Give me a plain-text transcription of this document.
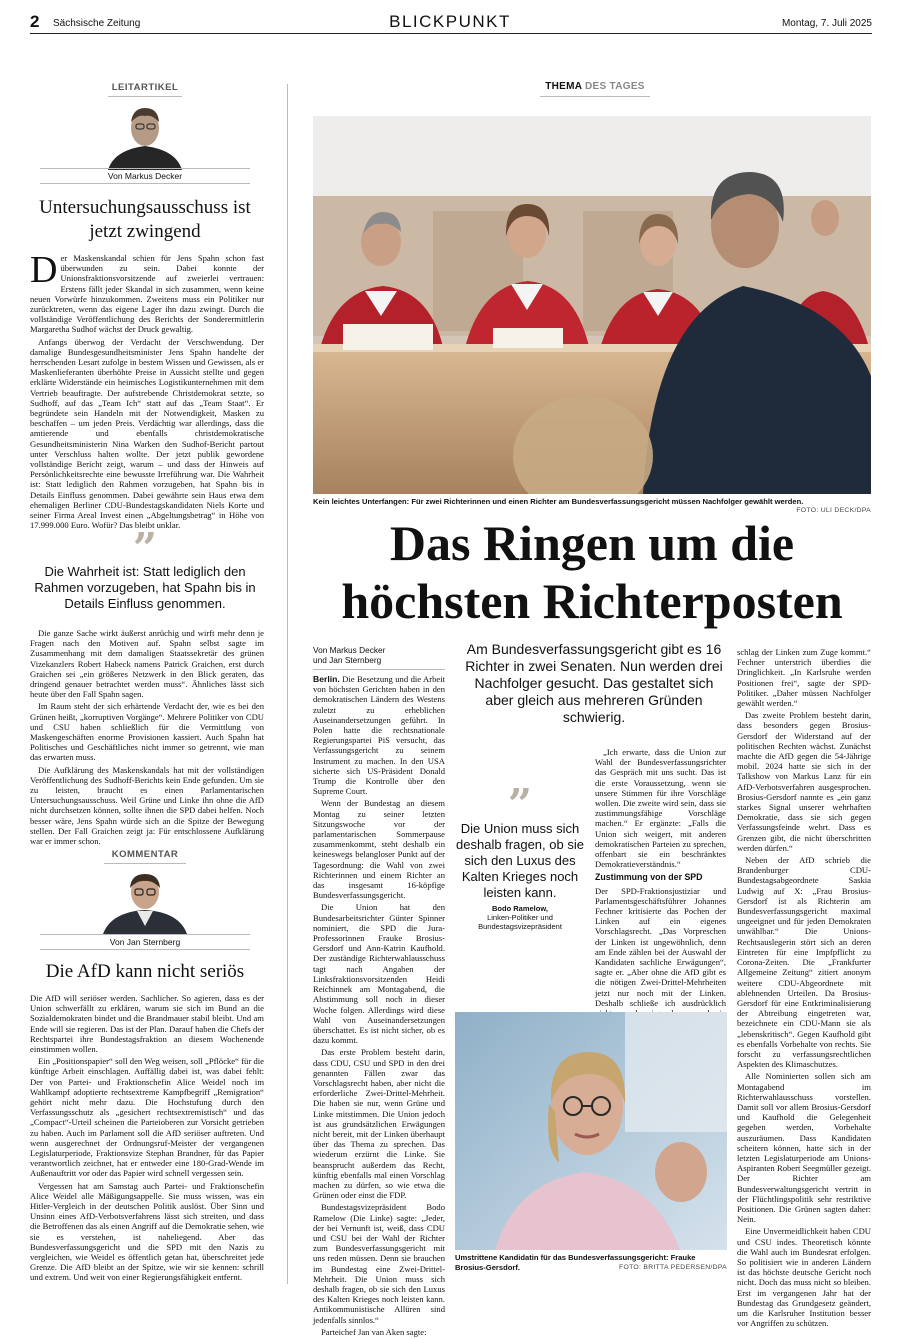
2 Sächsische Zeitung	BLICKPUNKT	Montag, 7. Juli 2025
LEITARTIKEL
Von Markus Decker
Untersuchungsausschuss ist jetzt zwingend
D er Maskenskandal schien für Jens Spahn schon fast überwunden zu sein. Dabei konnte der Unionsfraktionsvorsitzende auf zweierlei vertrauen: Erstens fällt jeder Skandal in sich zusammen, wenn keine neuen Vorwürfe hinzukommen. Zweitens muss ein Politiker nur zurücktreten, wenn das eigene Lager ihn dazu zwingt. Durch die vollständige Veröffentlichung des Berichts der Sonderermittlerin Margaretha Sudhof wächst der Druck gewaltig.

Anfangs überwog der Verdacht der Verschwendung. Der damalige Bundesgesundheitsminister Jens Spahn handelte der herrschenden Lesart zufolge in bestem Wissen und Gewissen, als er Maskenlieferanten überhöhte Preise in Aussicht stellte und gegen erklärte Widerstände ein heimisches Logistikunternehmen mit dem Vertrieb beauftragte. Der aufstrebende Christdemokrat setzte, so Sudhoff, auf das „Team Ich“ statt auf das „Team Staat“. Er begründete sein Handeln mit der Notwendigkeit, Masken zu beschaffen – um jeden Preis. Verdächtig war allerdings, dass die amtierende und ebenfalls christdemokratische Gesundheitsministerin Nina Warken den Sudhof-Bericht partout unter Verschluss halten wollte. Der jetzt publik gewordene vollständige Bericht zeigt, warum – und dass der Hinweis auf Persönlichkeitsrechte eine bewusste Irreführung war. Die Wahrheit ist: Statt lediglich den Rahmen vorzugeben, hat Spahn bis in Details Einfluss genommen. Dabei gewährte sein Haus etwa dem ehemaligen Berliner CDU-Bundestagskandidaten Niels Korte und seiner Firma Areal Invest einen „Abgeltungsbetrag“ in Höhe von 17.999.000 Euro. Wofür? Das bleibt unklar.

”
Die Wahrheit ist: Statt lediglich den Rahmen vorzugeben, hat Spahn bis in Details Einfluss genommen.

Die ganze Sache wirkt äußerst anrüchig und wirft mehr denn je Fragen nach den Motiven auf. Spahn selbst sagte im Zusammenhang mit dem damaligen Staatssekretär des grünen Vizekanzlers Robert Habeck namens Patrick Graichen, erst durch Graichen sei „ein größeres Netzwerk in den Blick geraten, das dringend genauer betrachtet werden muss“. Ähnliches lässt sich heute über den Fall Spahn sagen.

Im Raum steht der sich erhärtende Verdacht der, wie es bei den Grünen heißt, „korruptiven Vorgänge“. Mehrere Politiker von CDU und CSU haben schließlich für die Vermittlung von Maskengeschäften enorme Provisionen kassiert. Auch Spahn hat Politisches und Geschäftliches nicht immer so getrennt, wie man das erwarten muss.

Die Aufklärung des Maskenskandals hat mit der vollständigen Veröffentlichung des Sudhoff-Berichts kein Ende gefunden. Um sie zu leisten, braucht es einen Parlamentarischen Untersuchungsausschuss. Weil Grüne und Linke ihn ohne die AfD nicht durchsetzen können, sollte ihnen die SPD dabei helfen. Noch besser wäre, Jens Spahn würde sich an die Spitze der Bewegung stellen. Der Fall Graichen zeigt ja: Für entschlossene Aufklärung war er immer schon.

KOMMENTAR
Von Jan Sternberg
Die AfD kann nicht seriös

Die AfD will seriöser werden. Sachlicher. So agieren, dass es der Union schwerfällt zu erklären, warum sie sich im Bund an die Sozialdemokraten bindet und die Brandmauer stabil bleibt. Und am Ende will sie regieren. Das ist der Plan. Darauf haben die Chefs der Rechtspartei ihre Bundestagsfraktion an diesem Wochenende einstimmen wollen.

Ein „Positionspapier“ soll den Weg weisen, soll „Pflöcke“ für die künftige Arbeit einschlagen. Auffällig dabei ist, was dabei fehlt: Der von Partei- und Fraktionschefin Alice Weidel noch im Wahlkampf adoptierte rechtsextreme Kampfbegriff „Remigration“ gehört nicht mehr dazu. Die Hochstufung durch den Verfassungsschutz als „gesichert rechtsextremistisch“ und das „Compact“-Urteil scheinen die Parteioberen zur Vorsicht getrieben zu haben. Auch im Parlament soll die AfD seriöser auftreten. Und wenn ausgerechnet der Ordnungsruf-Meister der vergangenen Legislaturperiode, Fraktionsvize Stephan Brandner, für das Papier verantwortlich zeichnet, hat er entweder eine 180-Grad-Wende im Außenauftritt vor oder das Papier wird schnell vergessen sein.

Vergessen hat am Samstag auch Partei- und Fraktionschefin Alice Weidel alle Mäßigungsappelle. Sie muss wissen, was ein Hitler-Vergleich in der deutschen Politik auslöst. Über Sinn und Unsinn eines AfD-Verbotsverfahrens lässt sich streiten, und dass die Betroffenen das als einen Angriff auf die Demokratie sehen, wie sie es verstehen, ist naheliegend. Aber das Bundesverfassungsgericht und die SPD mit den Nazis zu vergleichen, wie Weidel es öffentlich getan hat, überschreitet jede Grenze. Die AfD bleibt an der Spitze, wie wir sie kennen: schrill und extrem. Und weit von einer Regierungsfähigkeit entfernt.

THEMA DES TAGES
Kein leichtes Unterfangen: Für zwei Richterinnen und einen Richter am Bundesverfassungsgericht müssen Nachfolger gewählt werden.
FOTO: ULI DECK/DPA
Das Ringen um die
höchsten Richterposten
Von Markus Decker
und Jan Sternberg
Am Bundesverfassungsgericht gibt es 16 Richter in zwei Senaten. Nun werden drei Nachfolger gesucht. Das gestaltet sich aber gleich aus mehreren Gründen schwierig.

Berlin. Die Besetzung und die Arbeit von höchsten Gerichten haben in den demokratischen Ländern des Westens zuletzt zu erheblichen Auseinandersetzungen geführt. In Polen hatte die rechtsnationale Regierungspartei PiS versucht, das Verfassungsgericht zu seinem Instrument zu machen. In den USA sicherte sich US-Präsident Donald Trump die Kontrolle über den Supreme Court.

Wenn der Bundestag an diesem Montag zu seiner letzten Sitzungswoche vor der parlamentarischen Sommerpause zusammenkommt, steht deshalb ein keineswegs belangloser Punkt auf der Tagesordnung: die Wahl von zwei Richterinnen und einem Richter an das insgesamt 16-köpfige Bundesverfassungsgericht.

Die Union hat den Bundesarbeitsrichter Günter Spinner nominiert, die SPD die Jura-Professorinnen Frauke Brosius-Gersdorf und Ann-Katrin Kaufhold. Der zuständige Richterwahlausschuss tagt nach Angaben der Linksfraktionsvorsitzenden Heidi Reichinnek am Montagabend, die Abstimmung soll noch in dieser Woche folgen. Allerdings wird diese Wahl von Auseinandersetzungen überschattet. Es ist nicht sicher, ob es dazu kommt.

Das erste Problem besteht darin, dass CDU, CSU und SPD in den drei genannten Fällen zwar das Vorschlagsrecht haben, aber nicht die erforderliche Zwei-Drittel-Mehrheit. Die haben sie nur, wenn Grüne und Linke mitstimmen. Die Union jedoch ist aus grundsätzlichen Erwägungen nicht bereit, mit der Linken überhaupt über das Thema zu sprechen. Das wiederum erzürnt die Linke. Sie beansprucht außerdem das Recht, künftig ebenfalls mal einen Vorschlag machen zu dürfen, so wie etwa die Grünen oder einst die FDP.

Bundestagsvizepräsident Bodo Ramelow (Die Linke) sagte: „Jeder, der bei Vernunft ist, weiß, dass CDU und CSU bei der Wahl der Richter zum Bundesverfassungsgericht mit uns reden müssen. Denn sie brauchen im Bundestag eine Zwei-Drittel-Mehrheit. Die Union muss sich deshalb fragen, ob sie sich den Luxus des Kalten Krieges noch leisten kann. Antikommunistische Allüren sind jedenfalls sinnlos.“

Parteichef Jan van Aken sagte:

”
Die Union muss sich deshalb fragen, ob sie sich den Luxus des Kalten Krieges noch leisten kann.
Bodo Ramelow,
Linken-Politiker und Bundestagsvizepräsident

„Ich erwarte, dass die Union zur Wahl der Bundesverfassungsrichter das Gespräch mit uns sucht. Das ist die erste Voraussetzung, wenn sie unsere Stimmen für ihre Vorschläge wollen. Die zweite wird sein, dass sie zustimmungsfähige Vorschläge machen.“ Er ergänzte: „Falls die Union sich weigert, mit anderen demokratischen Parteien zu sprechen, offenbart sie ein beschränktes Demokratieverständnis.“

Zustimmung von der SPD

Der SPD-Fraktionsjustiziar und Parlamentsgeschäftsführer Johannes Fechner kritisierte das Pochen der Linken auf ein eigenes Vorschlagsrecht. „Das Vorpreschen der Linken ist ungewöhnlich, denn am Ende zählen bei der Auswahl der Kandidaten sachliche Erwägungen“, sagte er. „Aber ohne die AfD gibt es die nötigen Zwei-Drittel-Mehrheiten jetzt nur noch mit der Linken. Deshalb schließe ich ausdrücklich

schlag der Linken zum Zuge kommt.“ Fechner unterstrich überdies die Dringlichkeit. „In Karlsruhe werden Positionen frei“, sagte der SPD-Politiker. „Daher müssen Nachfolger gewählt werden.“

Das zweite Problem besteht darin, dass besonders gegen Brosius-Gersdorf der Widerstand auf der politischen Rechten wächst. Zunächst machte die AfD gegen die 54-Jährige mobil. 2024 hatte sie sich in der Talkshow von Markus Lanz für ein AfD-Verbotsverfahren ausgesprochen. Brosius-Gersdorf nannte es „ein ganz starkes Signal unserer wehrhaften Demokratie, dass sie sich gegen Verfassungsfeinde wehrt. Dass es Grenzen gibt, die nicht überschritten werden dürfen.“

Neben der AfD schrieb die Brandenburger CDU-Bundestagsabgeordnete Saskia Ludwig auf X: „Frau Brosius-Gersdorf ist als Richterin am Bundesverfassungsgericht maximal ungeeignet und für jeden Demokraten unwählbar.“ Die Unions-Rechtsauslegerin stört sich an deren Eintreten für eine Impfpflicht zu Corona-Zeiten. Die „Frankfurter Allgemeine Zeitung“ zitiert anonym weitere CDU-Abgeordnete mit ablehnenden Urteilen. Da Brosius-Gersdorf für eine Entkriminalisierung der Abtreibung eingetreten war, bezeichnete ein CDU-Mann sie als „lebenskritisch“. Gegen Kaufhold gibt es ebenfalls Vorbehalte von rechts. Sie forscht zu verfassungsrechtlichen Aspekten des Klimaschutzes.

Alle Nominierten sollen sich am Montagabend im Richterwahlausschuss vorstellen. Damit soll vor allem Brosius-Gersdorf und Kaufhold die Gelegenheit gegeben werden, Vorbehalte auszuräumen. Dass Kandidaten scheitern können, hatte sich in der letzten Legislaturperiode am Unions-Aspiranten Robert Seegmüller gezeigt. Der Richter am Bundesverwaltungsgericht vertritt in der Flüchtlingspolitik sehr restriktive Positionen. Die Grünen sagten daher: Nein.

Eine Unvermeidlichkeit haben CDU und CSU indes. Theoretisch könnte die Wahl auch im Bundesrat erfolgen. So politisiert wie in anderen Ländern ist das höchste deutsche Gericht noch nicht. Doch das muss nicht so bleiben. Erst im vergangenen Jahr hat der Bundestag das Grundgesetz geändert, um die Karlsruher Institution besser vor Angriffen zu schützen.

Umstrittene Kandidatin für das Bundesverfassungsgericht: Frauke Brosius-Gersdorf.	FOTO: BRITTA PEDERSEN/DPA
